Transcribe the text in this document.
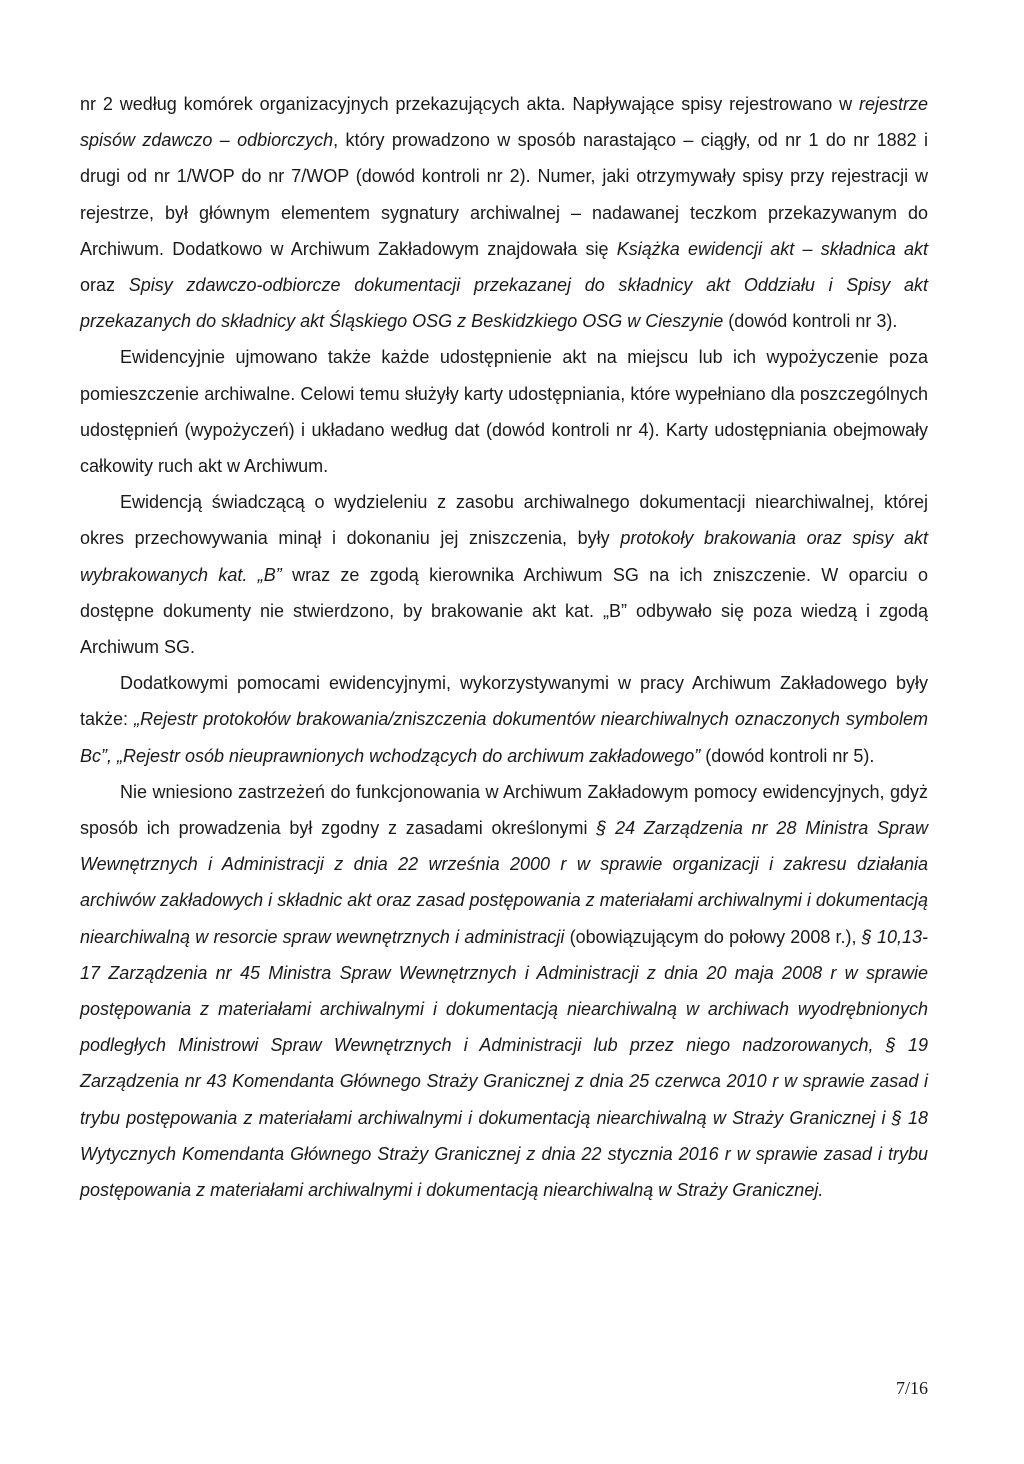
nr 2 według komórek organizacyjnych przekazujących akta. Napływające spisy rejestrowano w rejestrze spisów zdawczo – odbiorczych, który prowadzono w sposób narastająco – ciągły, od nr 1 do nr 1882 i drugi od nr 1/WOP do nr 7/WOP (dowód kontroli nr 2). Numer, jaki otrzymywały spisy przy rejestracji w rejestrze, był głównym elementem sygnatury archiwalnej – nadawanej teczkom przekazywanym do Archiwum. Dodatkowo w Archiwum Zakładowym znajdowała się Książka ewidencji akt – składnica akt oraz Spisy zdawczo-odbiorcze dokumentacji przekazanej do składnicy akt Oddziału i Spisy akt przekazanych do składnicy akt Śląskiego OSG z Beskidzkiego OSG w Cieszynie (dowód kontroli nr 3).

Ewidencyjnie ujmowano także każde udostępnienie akt na miejscu lub ich wypożyczenie poza pomieszczenie archiwalne. Celowi temu służyły karty udostępniania, które wypełniano dla poszczególnych udostępnień (wypożyczeń) i układano według dat (dowód kontroli nr 4). Karty udostępniania obejmowały całkowity ruch akt w Archiwum.

Ewidencją świadczącą o wydzieleniu z zasobu archiwalnego dokumentacji niearchiwalnej, której okres przechowywania minął i dokonaniu jej zniszczenia, były protokoły brakowania oraz spisy akt wybrakowanych kat. „B” wraz ze zgodą kierownika Archiwum SG na ich zniszczenie. W oparciu o dostępne dokumenty nie stwierdzono, by brakowanie akt kat. „B” odbywało się poza wiedzą i zgodą Archiwum SG.

Dodatkowymi pomocami ewidencyjnymi, wykorzystywanymi w pracy Archiwum Zakładowego były także: „Rejestr protokołów brakowania/zniszczenia dokumentów niearchiwalnych oznaczonych symbolem Bc”, „Rejestr osób nieuprawnionych wchodzących do archiwum zakładowego” (dowód kontroli nr 5).

Nie wniesiono zastrzeżeń do funkcjonowania w Archiwum Zakładowym pomocy ewidencyjnych, gdyż sposób ich prowadzenia był zgodny z zasadami określonymi § 24 Zarządzenia nr 28 Ministra Spraw Wewnętrznych i Administracji z dnia 22 września 2000 r w sprawie organizacji i zakresu działania archiwów zakładowych i składnic akt oraz zasad postępowania z materiałami archiwalnymi i dokumentacją niearchiwalną w resorcie spraw wewnętrznych i administracji (obowiązującym do połowy 2008 r.), § 10,13-17 Zarządzenia nr 45 Ministra Spraw Wewnętrznych i Administracji z dnia 20 maja 2008 r w sprawie postępowania z materiałami archiwalnymi i dokumentacją niearchiwalną w archiwach wyodrębnionych podległych Ministrowi Spraw Wewnętrznych i Administracji lub przez niego nadzorowanych, § 19 Zarządzenia nr 43 Komendanta Głównego Straży Granicznej z dnia 25 czerwca 2010 r w sprawie zasad i trybu postępowania z materiałami archiwalnymi i dokumentacją niearchiwalną w Straży Granicznej i § 18 Wytycznych Komendanta Głównego Straży Granicznej z dnia 22 stycznia 2016 r w sprawie zasad i trybu postępowania z materiałami archiwalnymi i dokumentacją niearchiwalną w Straży Granicznej.

7/16
